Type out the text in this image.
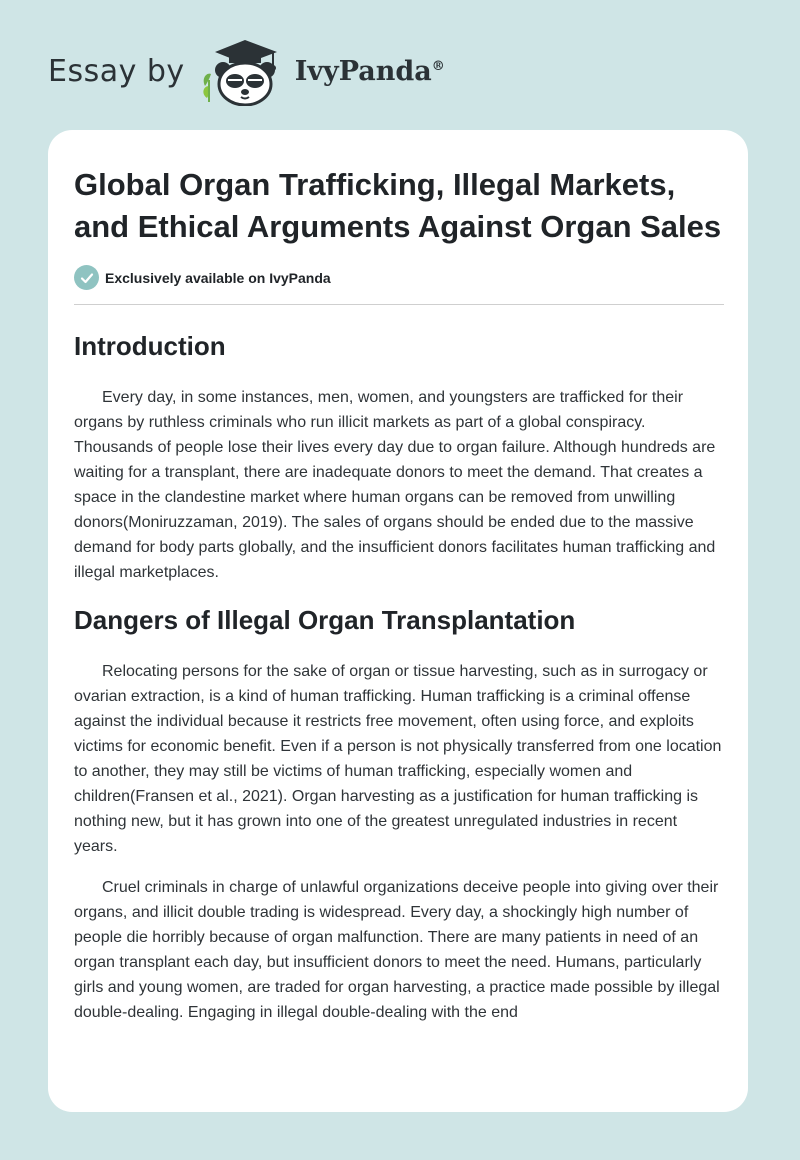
Essay by	IvyPanda®
Global Organ Trafficking, Illegal Markets, and Ethical Arguments Against Organ Sales
Exclusively available on IvyPanda
Introduction

Every day, in some instances, men, women, and youngsters are trafficked for their organs by ruthless criminals who run illicit markets as part of a global conspiracy. Thousands of people lose their lives every day due to organ failure. Although hundreds are waiting for a transplant, there are inadequate donors to meet the demand. That creates a space in the clandestine market where human organs can be removed from unwilling donors(Moniruzzaman, 2019). The sales of organs should be ended due to the massive demand for body parts globally, and the insufficient donors facilitates human trafficking and illegal marketplaces.

Dangers of Illegal Organ Transplantation

Relocating persons for the sake of organ or tissue harvesting, such as in surrogacy or ovarian extraction, is a kind of human trafficking. Human trafficking is a criminal offense against the individual because it restricts free movement, often using force, and exploits victims for economic benefit. Even if a person is not physically transferred from one location to another, they may still be victims of human trafficking, especially women and children(Fransen et al., 2021). Organ harvesting as a justification for human trafficking is nothing new, but it has grown into one of the greatest unregulated industries in recent years.

Cruel criminals in charge of unlawful organizations deceive people into giving over their organs, and illicit double trading is widespread. Every day, a shockingly high number of people die horribly because of organ malfunction. There are many patients in need of an organ transplant each day, but insufficient donors to meet the need. Humans, particularly girls and young women, are traded for organ harvesting, a practice made possible by illegal double-dealing. Engaging in illegal double-dealing with the end
